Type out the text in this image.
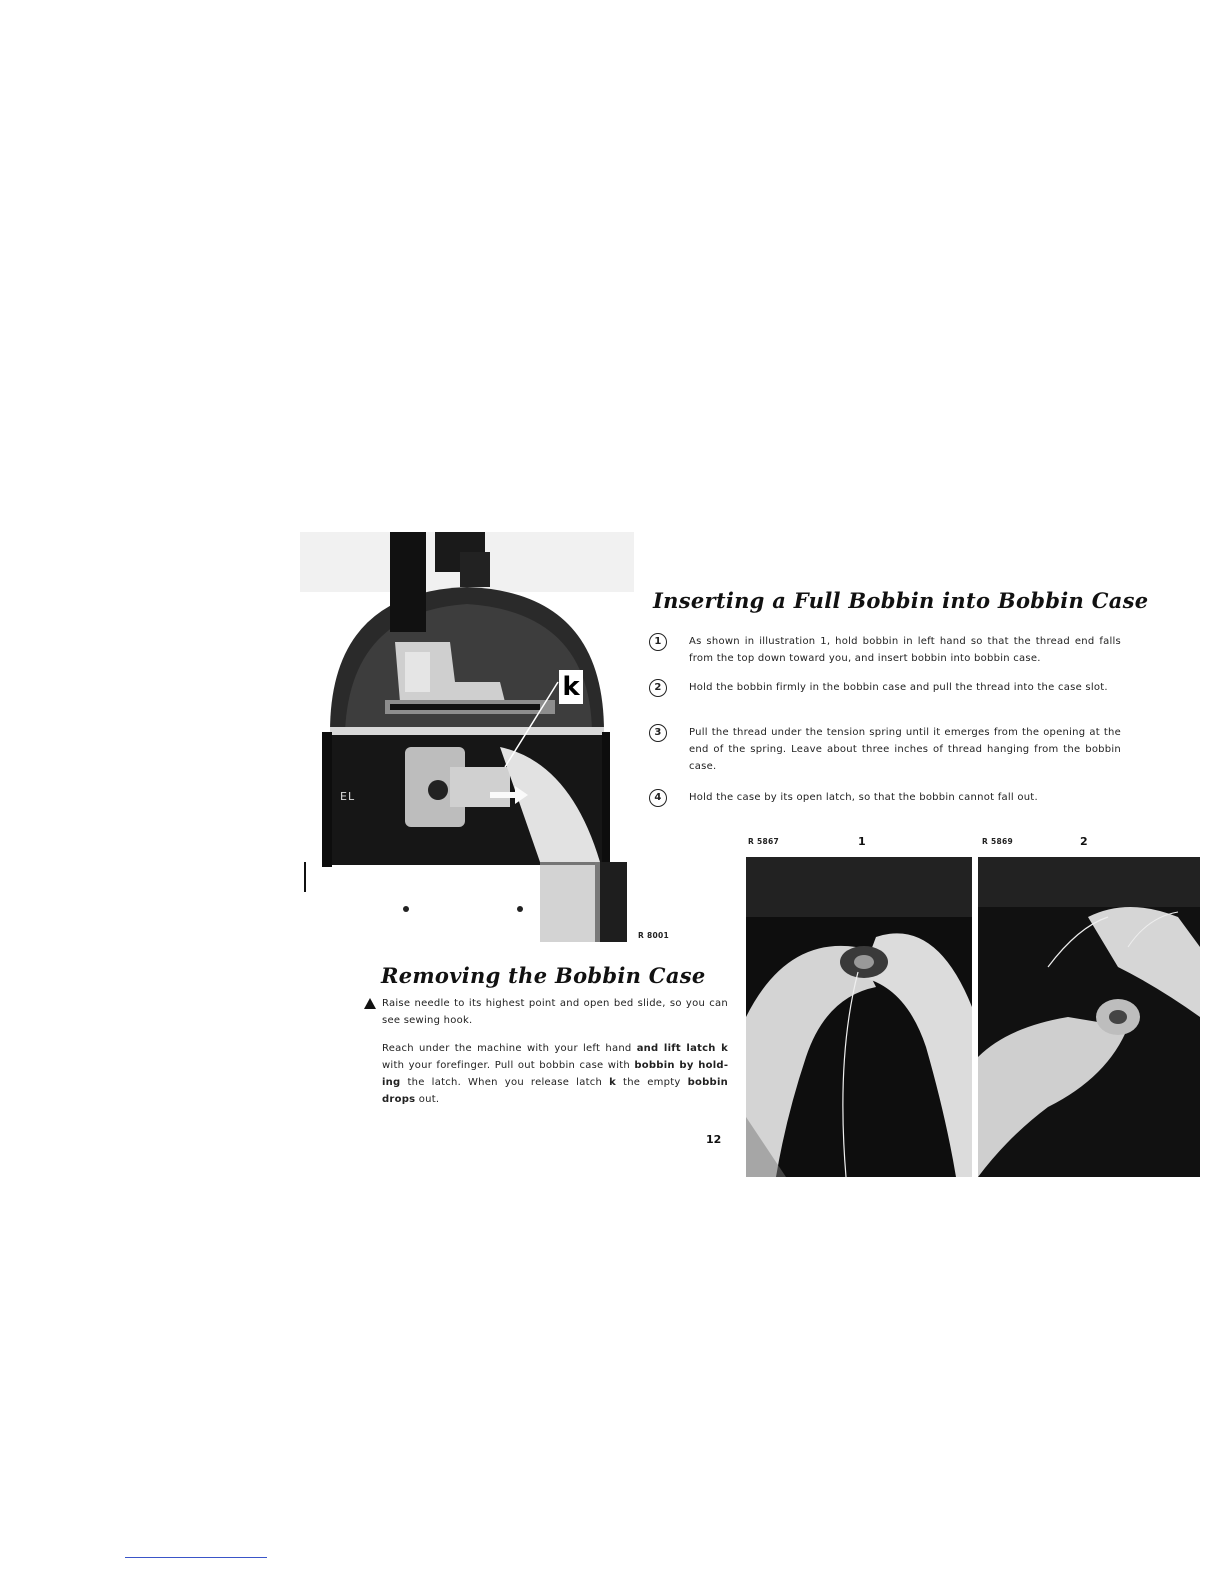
k
EL
R 8001
Inserting a Full Bobbin into Bobbin Case
1	As shown in illustration 1, hold bobbin in left hand so that the thread end falls from the top down toward you, and insert bobbin into bobbin case.
2	Hold the bobbin firmly in the bobbin case and pull the thread into the case slot.
3	Pull the thread under the tension spring until it emerges from the opening at the end of the spring. Leave about three inches of thread hanging from the bobbin case.
4	Hold the case by its open latch, so that the bobbin cannot fall out.
R 5867	1	R 5869	2
Removing the Bobbin Case
Raise needle to its highest point and open bed slide, so you can see sewing hook.
Reach under the machine with your left hand and lift latch k with your forefinger. Pull out bobbin case with bobbin by holding the latch. When you release latch k the empty bobbin drops out.
12
